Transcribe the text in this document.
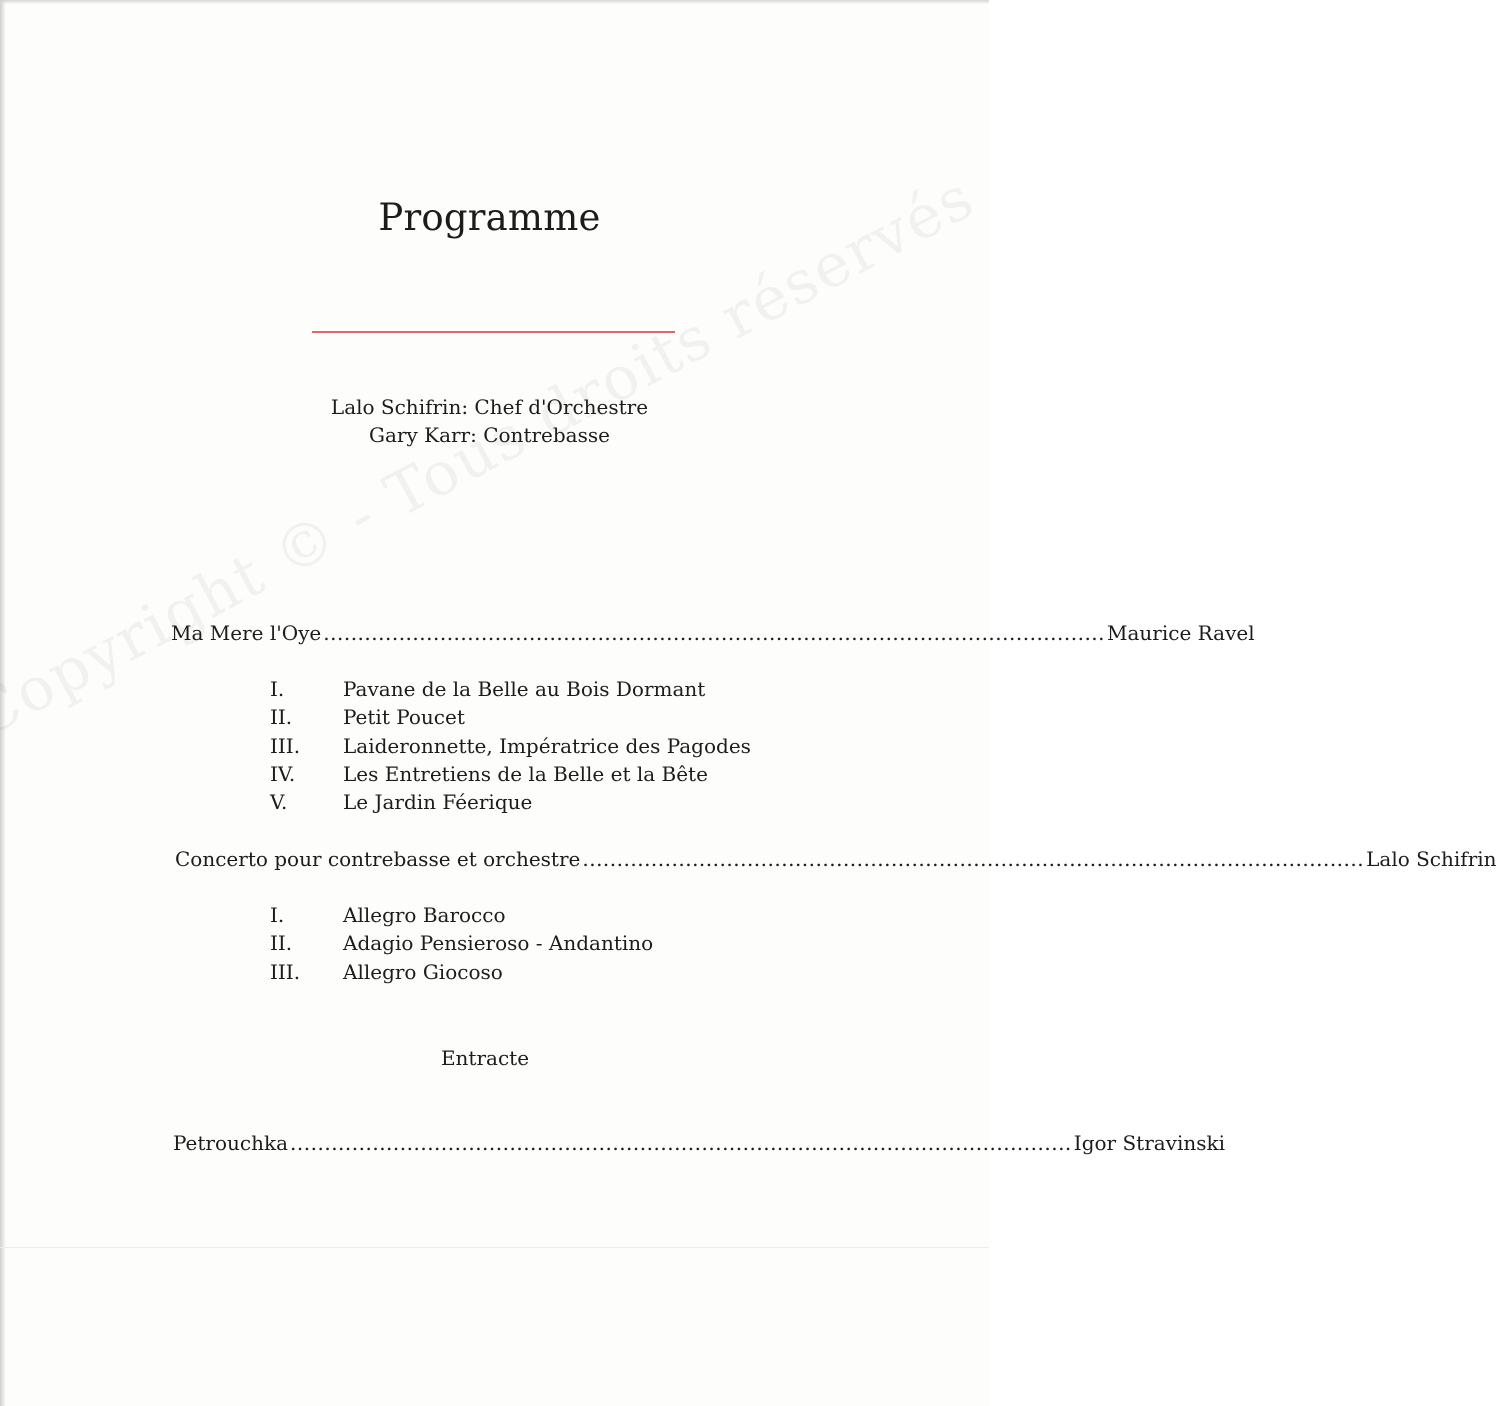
Programme
Lalo Schifrin: Chef d'Orchestre
Gary Karr: Contrebasse
Ma Mere l'Oye .................................................................................................................. Maurice Ravel
I.	Pavane de la Belle au Bois Dormant
II.	Petit Poucet
III.	Laideronnette, Impératrice des Pagodes
IV.	Les Entretiens de la Belle et la Bête
V.	Le Jardin Féerique
Concerto pour contrebasse et orchestre .................................................................................................................. Lalo Schifrin
I.	Allegro Barocco
II.	Adagio Pensieroso - Andantino
III.	Allegro Giocoso
Entracte
Petrouchka .................................................................................................................. Igor Stravinski
